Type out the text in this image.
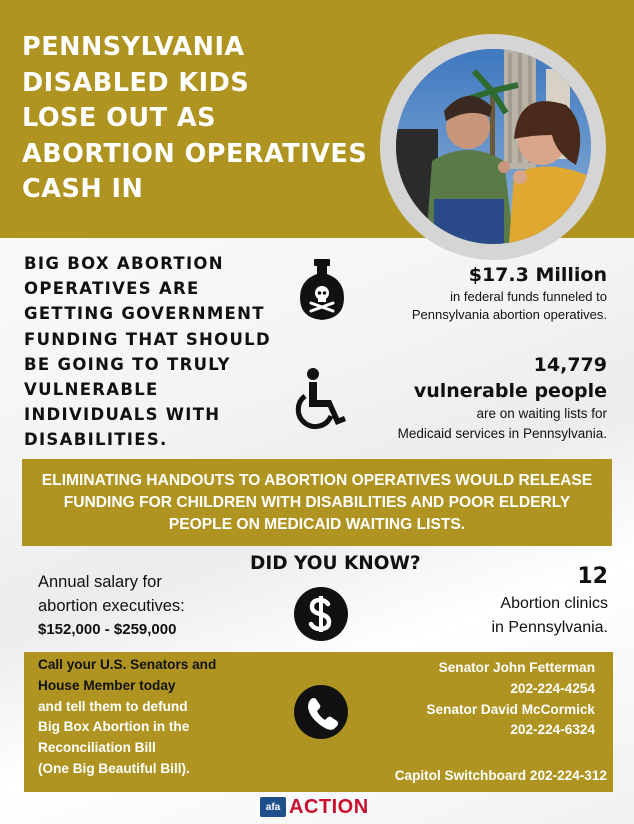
PENNSYLVANIA
DISABLED KIDS
LOSE OUT AS
ABORTION OPERATIVES
CASH IN
BIG BOX ABORTION
OPERATIVES ARE
GETTING GOVERNMENT
FUNDING THAT SHOULD
BE GOING TO TRULY
VULNERABLE
INDIVIDUALS WITH
DISABILITIES.
$17.3 Million
in federal funds funneled to
Pennsylvania abortion operatives.
14,779
vulnerable people
are on waiting lists for
Medicaid services in Pennsylvania.
ELIMINATING HANDOUTS TO ABORTION OPERATIVES WOULD RELEASE
FUNDING FOR CHILDREN WITH DISABILITIES AND POOR ELDERLY
PEOPLE ON MEDICAID WAITING LISTS.
DID YOU KNOW?
Annual salary for
abortion executives:
$152,000 - $259,000
12
Abortion clinics
in Pennsylvania.
Call your U.S. Senators and
House Member today
and tell them to defund
Big Box Abortion in the
Reconciliation Bill
(One Big Beautiful Bill).
Senator John Fetterman
202-224-4254
Senator David McCormick
202-224-6324
Capitol Switchboard 202-224-312
afa ACTION
